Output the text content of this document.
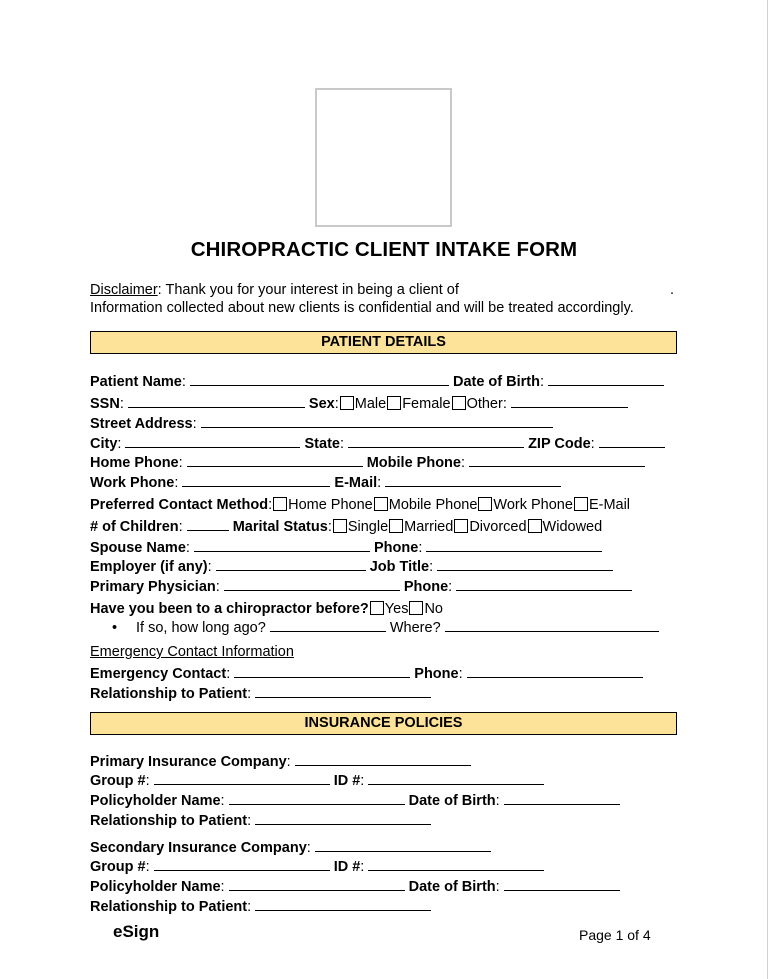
CHIROPRACTIC CLIENT INTAKE FORM
Disclaimer: Thank you for your interest in being a client of	.
Information collected about new clients is confidential and will be treated accordingly.
PATIENT DETAILS
Patient Name:	Date of Birth:
SSN:	Sex: Male Female Other:
Street Address:
City:	State:	ZIP Code:
Home Phone:	Mobile Phone:
Work Phone:	E-Mail:
Preferred Contact Method: Home Phone Mobile Phone Work Phone E-Mail
# of Children:	Marital Status: Single Married Divorced Widowed
Spouse Name:	Phone:
Employer (if any):	Job Title:
Primary Physician:	Phone:
Have you been to a chiropractor before? Yes No
• If so, how long ago?	Where?
Emergency Contact Information
Emergency Contact:	Phone:
Relationship to Patient:
INSURANCE POLICIES
Primary Insurance Company:
Group #:	ID #:
Policyholder Name:	Date of Birth:
Relationship to Patient:
Secondary Insurance Company:
Group #:	ID #:
Policyholder Name:	Date of Birth:
Relationship to Patient:
eSign	Page 1 of 4
